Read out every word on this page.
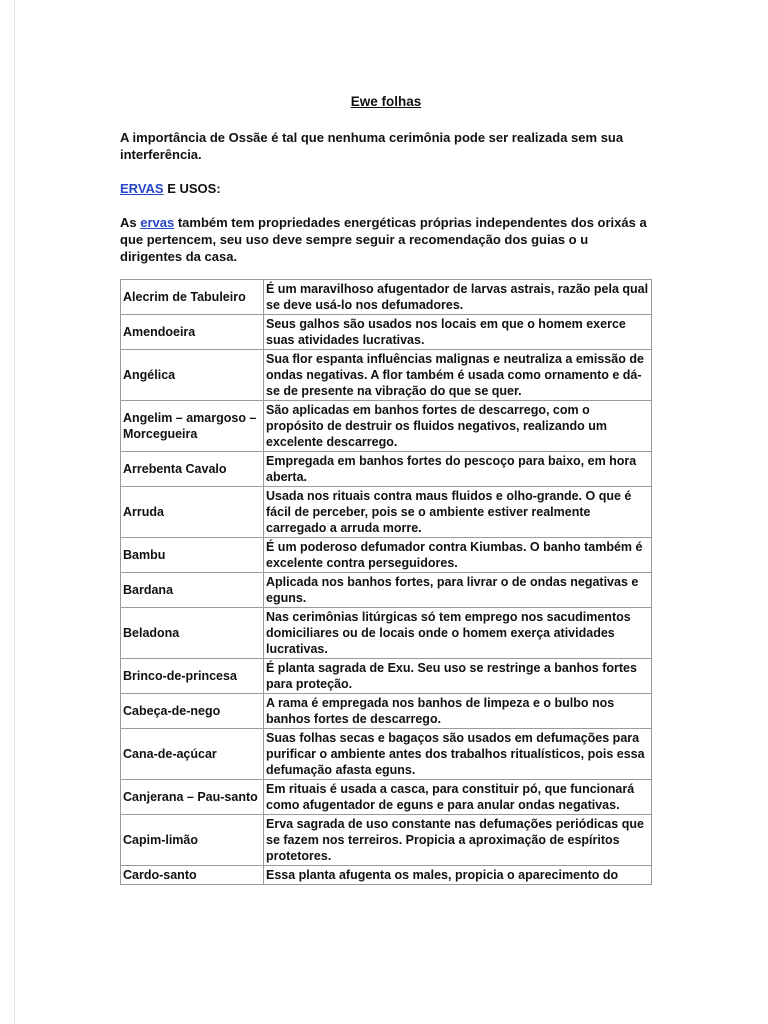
Ewe folhas

A importância de Ossãe é tal que nenhuma cerimônia pode ser realizada sem sua interferência.

ERVAS E USOS:

As ervas também tem propriedades energéticas próprias independentes dos orixás a que pertencem, seu uso deve sempre seguir a recomendação dos guias o u dirigentes da casa.

Alecrim de Tabuleiro	É um maravilhoso afugentador de larvas astrais, razão pela qual se deve usá-lo nos defumadores.
Amendoeira	Seus galhos são usados nos locais em que o homem exerce suas atividades lucrativas.
Angélica	Sua flor espanta influências malignas e neutraliza a emissão de ondas negativas. A flor também é usada como ornamento e dá-se de presente na vibração do que se quer.
Angelim – amargoso – Morcegueira	São aplicadas em banhos fortes de descarrego, com o propósito de destruir os fluidos negativos, realizando um excelente descarrego.
Arrebenta Cavalo	Empregada em banhos fortes do pescoço para baixo, em hora aberta.
Arruda	Usada nos rituais contra maus fluidos e olho-grande. O que é fácil de perceber, pois se o ambiente estiver realmente carregado a arruda morre.
Bambu	É um poderoso defumador contra Kiumbas. O banho também é excelente contra perseguidores.
Bardana	Aplicada nos banhos fortes, para livrar o de ondas negativas e eguns.
Beladona	Nas cerimônias litúrgicas só tem emprego nos sacudimentos domiciliares ou de locais onde o homem exerça atividades lucrativas.
Brinco-de-princesa	É planta sagrada de Exu. Seu uso se restringe a banhos fortes para proteção.
Cabeça-de-nego	A rama é empregada nos banhos de limpeza e o bulbo nos banhos fortes de descarrego.
Cana-de-açúcar	Suas folhas secas e bagaços são usados em defumações para purificar o ambiente antes dos trabalhos ritualísticos, pois essa defumação afasta eguns.
Canjerana – Pau-santo	Em rituais é usada a casca, para constituir pó, que funcionará como afugentador de eguns e para anular ondas negativas.
Capim-limão	Erva sagrada de uso constante nas defumações periódicas que se fazem nos terreiros. Propicia a aproximação de espíritos protetores.
Cardo-santo	Essa planta afugenta os males, propicia o aparecimento do
